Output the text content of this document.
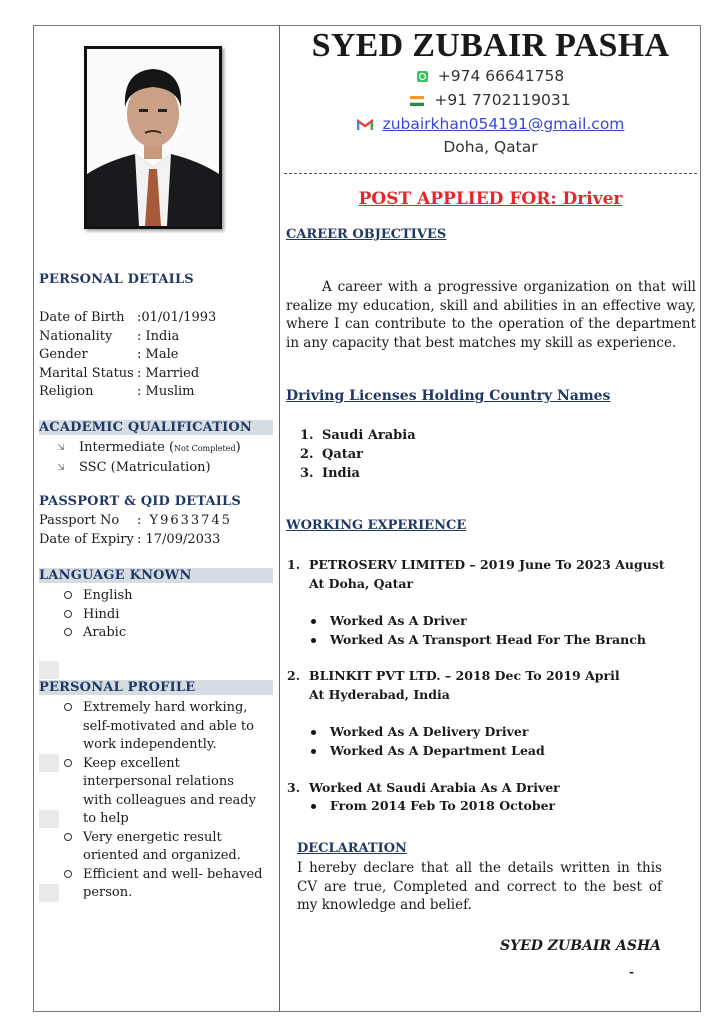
PERSONAL DETAILS
Date of Birth :01/01/1993
Nationality	: India
Gender	: Male
Marital Status : Married
Religion	: Muslim
ACADEMIC QUALIFICATION
⇲	Intermediate (Not Completed)
⇲	SSC (Matriculation)
PASSPORT & QID DETAILS
Passport No	: Y9633745
Date of Expiry : 17/09/2033
LANGUAGE KNOWN
English
Hindi
Arabic
PERSONAL PROFILE
Extremely hard working, self-motivated and able to work independently.
Keep excellent interpersonal relations with colleagues and ready to help
Very energetic result oriented and organized.
Efficient and well- behaved person.
SYED ZUBAIR PASHA
+974 66641758
+91 7702119031
zubairkhan054191@gmail.com
Doha, Qatar
POST APPLIED FOR: Driver
CAREER OBJECTIVES
A career with a progressive organization on that will realize my education, skill and abilities in an effective way, where I can contribute to the operation of the department in any capacity that best matches my skill as experience.
Driving Licenses Holding Country Names
1. Saudi Arabia
2. Qatar
3. India
WORKING EXPERIENCE
1. PETROSERV LIMITED – 2019 June To 2023 August
At Doha, Qatar
Worked As A Driver
Worked As A Transport Head For The Branch
2. BLINKIT PVT LTD. – 2018 Dec To 2019 April
At Hyderabad, India
Worked As A Delivery Driver
Worked As A Department Lead
3. Worked At Saudi Arabia As A Driver
From 2014 Feb To 2018 October
DECLARATION
I hereby declare that all the details written in this CV are true, Completed and correct to the best of my knowledge and belief.
SYED ZUBAIR ASHA
-
